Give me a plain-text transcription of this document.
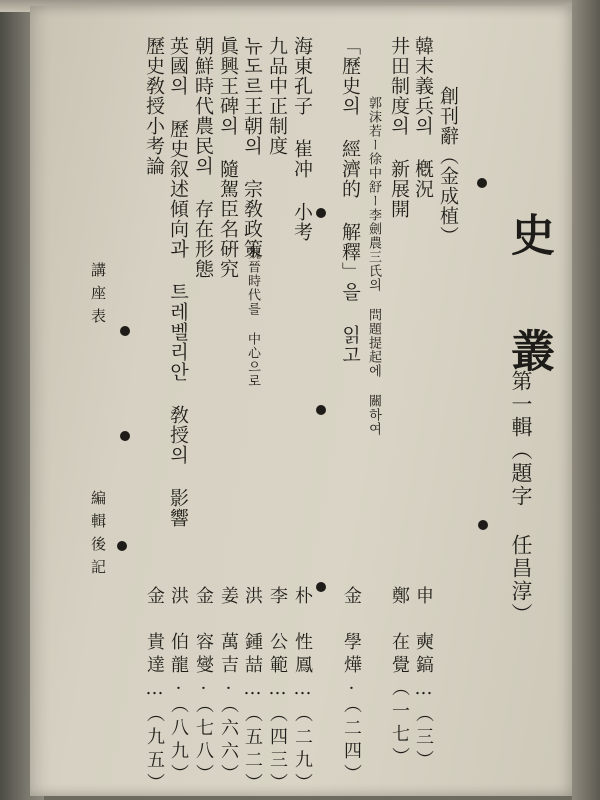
史　叢
第一輯（題字 任昌淳）
創刊辭（金成植）
韓末義兵의 槪況
井田制度의 新展開
郭沫若ー徐中舒ー李劍農三氏의 問題提起에 關하여
「歷史의 經濟的 解釋」을 읽고
海東孔子 崔冲 小考
九品中正制度
魏晉時代를 中心으로
뉴도르王朝의 宗敎政策
眞興王碑의 隨駕臣名硏究
朝鮮時代農民의 存在形態
英國의 歷史叙述傾向과 트레벨리안 敎授의 影響
歷史敎授小考論
申　奭鎬…（三）
鄭　在覺（一七）
金　學燁·（二四）
朴　性鳳…（二九）
李　公範…（四三）
洪　鍾喆…（五二）
姜　萬吉·（六六）
金　容燮·（七八）
洪　伯龍·（八九）
金　貴達…（九五）
講座表
編輯後記
